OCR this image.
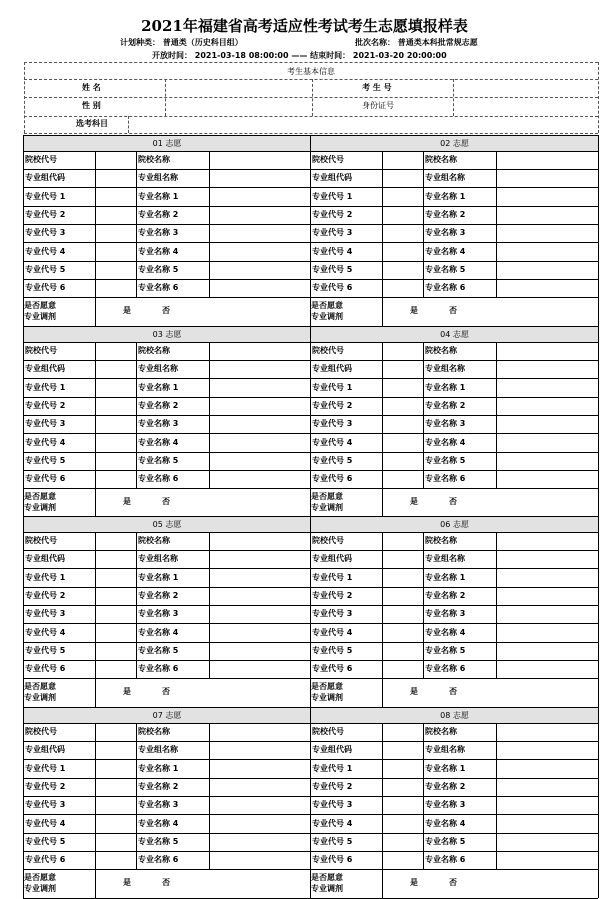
2021年福建省高考适应性考试考生志愿填报样表
计划种类： 普通类（历史科目组）	批次名称： 普通类本科批常规志愿
开放时间： 2021-03-18 08:00:00 —— 结束时间： 2021-03-20 20:00:00
考生基本信息
姓 名	考 生 号
性 别	身份证号
选考科目
01 志愿
院校代号	院校名称
专业组代码	专业组名称
专业代号 1	专业名称 1
专业代号 2	专业名称 2
专业代号 3	专业名称 3
专业代号 4	专业名称 4
专业代号 5	专业名称 5
专业代号 6	专业名称 6
是否愿意
专业调剂
是	否
02 志愿
院校代号	院校名称
专业组代码	专业组名称
专业代号 1	专业名称 1
专业代号 2	专业名称 2
专业代号 3	专业名称 3
专业代号 4	专业名称 4
专业代号 5	专业名称 5
专业代号 6	专业名称 6
是否愿意
专业调剂
是	否
03 志愿
院校代号	院校名称
专业组代码	专业组名称
专业代号 1	专业名称 1
专业代号 2	专业名称 2
专业代号 3	专业名称 3
专业代号 4	专业名称 4
专业代号 5	专业名称 5
专业代号 6	专业名称 6
是否愿意
专业调剂
是	否
04 志愿
院校代号	院校名称
专业组代码	专业组名称
专业代号 1	专业名称 1
专业代号 2	专业名称 2
专业代号 3	专业名称 3
专业代号 4	专业名称 4
专业代号 5	专业名称 5
专业代号 6	专业名称 6
是否愿意
专业调剂
是	否
05 志愿
院校代号	院校名称
专业组代码	专业组名称
专业代号 1	专业名称 1
专业代号 2	专业名称 2
专业代号 3	专业名称 3
专业代号 4	专业名称 4
专业代号 5	专业名称 5
专业代号 6	专业名称 6
是否愿意
专业调剂
是	否
06 志愿
院校代号	院校名称
专业组代码	专业组名称
专业代号 1	专业名称 1
专业代号 2	专业名称 2
专业代号 3	专业名称 3
专业代号 4	专业名称 4
专业代号 5	专业名称 5
专业代号 6	专业名称 6
是否愿意
专业调剂
是	否
07 志愿
院校代号	院校名称
专业组代码	专业组名称
专业代号 1	专业名称 1
专业代号 2	专业名称 2
专业代号 3	专业名称 3
专业代号 4	专业名称 4
专业代号 5	专业名称 5
专业代号 6	专业名称 6
是否愿意
专业调剂
是	否
08 志愿
院校代号	院校名称
专业组代码	专业组名称
专业代号 1	专业名称 1
专业代号 2	专业名称 2
专业代号 3	专业名称 3
专业代号 4	专业名称 4
专业代号 5	专业名称 5
专业代号 6	专业名称 6
是否愿意
专业调剂
是	否
